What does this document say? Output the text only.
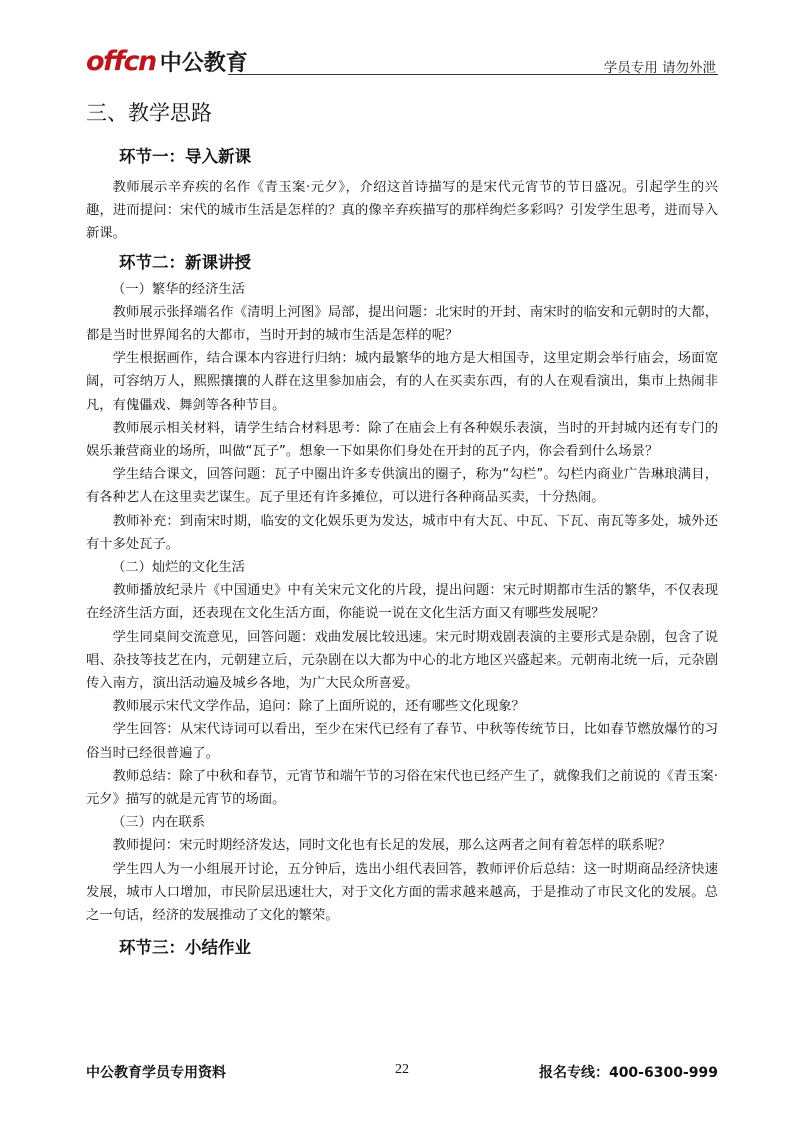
offcn 中公教育	学员专用 请勿外泄
三、教学思路
环节一：导入新课

教师展示辛弃疾的名作《青玉案·元夕》，介绍这首诗描写的是宋代元宵节的节日盛况。引起学生的兴趣，进而提问：宋代的城市生活是怎样的？真的像辛弃疾描写的那样绚烂多彩吗？引发学生思考，进而导入新课。

环节二：新课讲授
（一）繁华的经济生活

教师展示张择端名作《清明上河图》局部，提出问题：北宋时的开封、南宋时的临安和元朝时的大都，都是当时世界闻名的大都市，当时开封的城市生活是怎样的呢？

学生根据画作，结合课本内容进行归纳：城内最繁华的地方是大相国寺，这里定期会举行庙会，场面宽阔，可容纳万人，熙熙攘攘的人群在这里参加庙会，有的人在买卖东西，有的人在观看演出，集市上热闹非凡，有傀儡戏、舞剑等各种节目。

教师展示相关材料，请学生结合材料思考：除了在庙会上有各种娱乐表演，当时的开封城内还有专门的娱乐兼营商业的场所，叫做“瓦子”。想象一下如果你们身处在开封的瓦子内，你会看到什么场景？

学生结合课文，回答问题：瓦子中圈出许多专供演出的圈子，称为“勾栏”。勾栏内商业广告琳琅满目，有各种艺人在这里卖艺谋生。瓦子里还有许多摊位，可以进行各种商品买卖，十分热闹。

教师补充：到南宋时期，临安的文化娱乐更为发达，城市中有大瓦、中瓦、下瓦、南瓦等多处，城外还有十多处瓦子。

（二）灿烂的文化生活

教师播放纪录片《中国通史》中有关宋元文化的片段，提出问题：宋元时期都市生活的繁华，不仅表现在经济生活方面，还表现在文化生活方面，你能说一说在文化生活方面又有哪些发展呢？

学生同桌间交流意见，回答问题：戏曲发展比较迅速。宋元时期戏剧表演的主要形式是杂剧，包含了说唱、杂技等技艺在内，元朝建立后，元杂剧在以大都为中心的北方地区兴盛起来。元朝南北统一后，元杂剧传入南方，演出活动遍及城乡各地，为广大民众所喜爱。

教师展示宋代文学作品，追问：除了上面所说的，还有哪些文化现象？

学生回答：从宋代诗词可以看出，至少在宋代已经有了春节、中秋等传统节日，比如春节燃放爆竹的习俗当时已经很普遍了。

教师总结：除了中秋和春节，元宵节和端午节的习俗在宋代也已经产生了，就像我们之前说的《青玉案·元夕》描写的就是元宵节的场面。

（三）内在联系

教师提问：宋元时期经济发达，同时文化也有长足的发展，那么这两者之间有着怎样的联系呢？

学生四人为一小组展开讨论，五分钟后，选出小组代表回答，教师评价后总结：这一时期商品经济快速发展，城市人口增加，市民阶层迅速壮大，对于文化方面的需求越来越高，于是推动了市民文化的发展。总之一句话，经济的发展推动了文化的繁荣。

环节三：小结作业
中公教育学员专用资料	22	报名专线：400-6300-999
